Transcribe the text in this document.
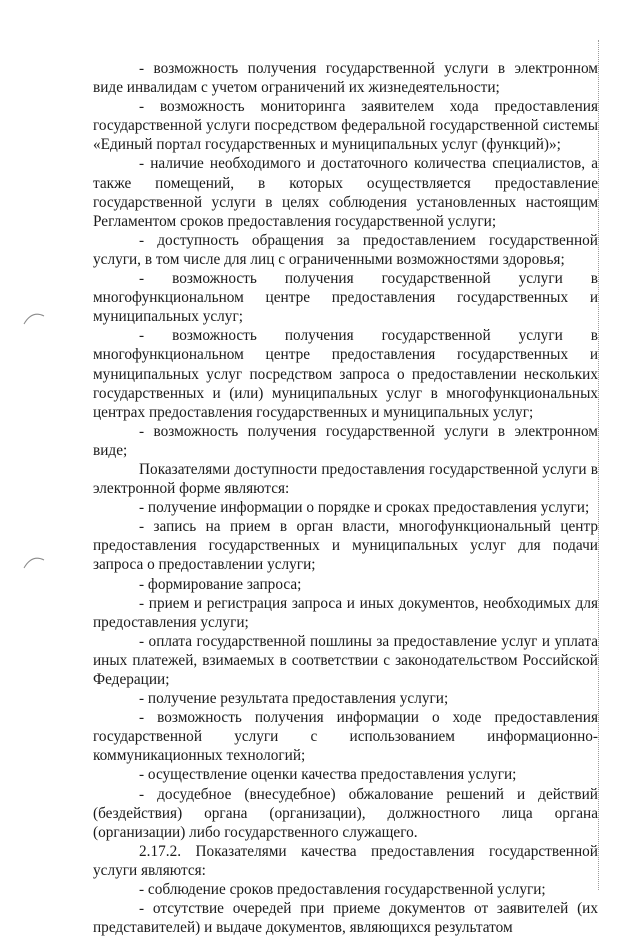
- возможность получения государственной услуги в электронном виде инвалидам с учетом ограничений их жизнедеятельности;

- возможность мониторинга заявителем хода предоставления государственной услуги посредством федеральной государственной системы «Единый портал государственных и муниципальных услуг (функций)»;

- наличие необходимого и достаточного количества специалистов, а также помещений, в которых осуществляется предоставление государственной услуги в целях соблюдения установленных настоящим Регламентом сроков предоставления государственной услуги;

- доступность обращения за предоставлением государственной услуги, в том числе для лиц с ограниченными возможностями здоровья;

- возможность получения государственной услуги в многофункциональном центре предоставления государственных и муниципальных услуг;

- возможность получения государственной услуги в многофункциональном центре предоставления государственных и муниципальных услуг посредством запроса о предоставлении нескольких государственных и (или) муниципальных услуг в многофункциональных центрах предоставления государственных и муниципальных услуг;

- возможность получения государственной услуги в электронном виде;

Показателями доступности предоставления государственной услуги в электронной форме являются:

- получение информации о порядке и сроках предоставления услуги;

- запись на прием в орган власти, многофункциональный центр предоставления государственных и муниципальных услуг для подачи запроса о предоставлении услуги;

- формирование запроса;

- прием и регистрация запроса и иных документов, необходимых для предоставления услуги;

- оплата государственной пошлины за предоставление услуг и уплата иных платежей, взимаемых в соответствии с законодательством Российской Федерации;

- получение результата предоставления услуги;

- возможность получения информации о ходе предоставления государственной услуги с использованием информационно-коммуникационных технологий;

- осуществление оценки качества предоставления услуги;

- досудебное (внесудебное) обжалование решений и действий (бездействия) органа (организации), должностного лица органа (организации) либо государственного служащего.

2.17.2. Показателями качества предоставления государственной услуги являются:

- соблюдение сроков предоставления государственной услуги;

- отсутствие очередей при приеме документов от заявителей (их представителей) и выдаче документов, являющихся результатом
